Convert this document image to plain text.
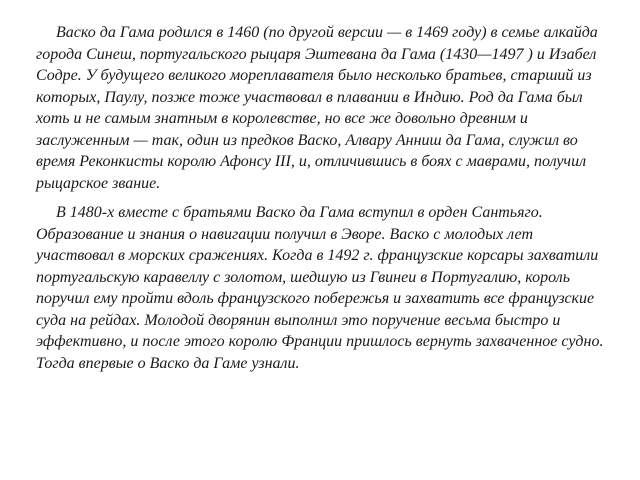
Васко да Гама родился в 1460 (по другой версии — в 1469 году) в семье алкайда города Синеш, португальского рыцаря Эштевана да Гама (1430—1497 ) и Изабел Содре. У будущего великого мореплавателя было несколько братьев, старший из которых, Паулу, позже тоже участвовал в плавании в Индию. Род да Гама был хоть и не самым знатным в королевстве, но все же довольно древним и заслуженным — так, один из предков Васко, Алвару Анниш да Гама, служил во время Реконкисты королю Афонсу III, и, отличившись в боях с маврами, получил рыцарское звание.

В 1480-х вместе с братьями Васко да Гама вступил в орден Сантьяго. Образование и знания о навигации получил в Эворе. Васко с молодых лет участвовал в морских сражениях. Когда в 1492 г. французские корсары захватили португальскую каравеллу с золотом, шедшую из Гвинеи в Португалию, король поручил ему пройти вдоль французского побережья и захватить все французские суда на рейдах. Молодой дворянин выполнил это поручение весьма быстро и эффективно, и после этого королю Франции пришлось вернуть захваченное судно. Тогда впервые о Васко да Гаме узнали.
